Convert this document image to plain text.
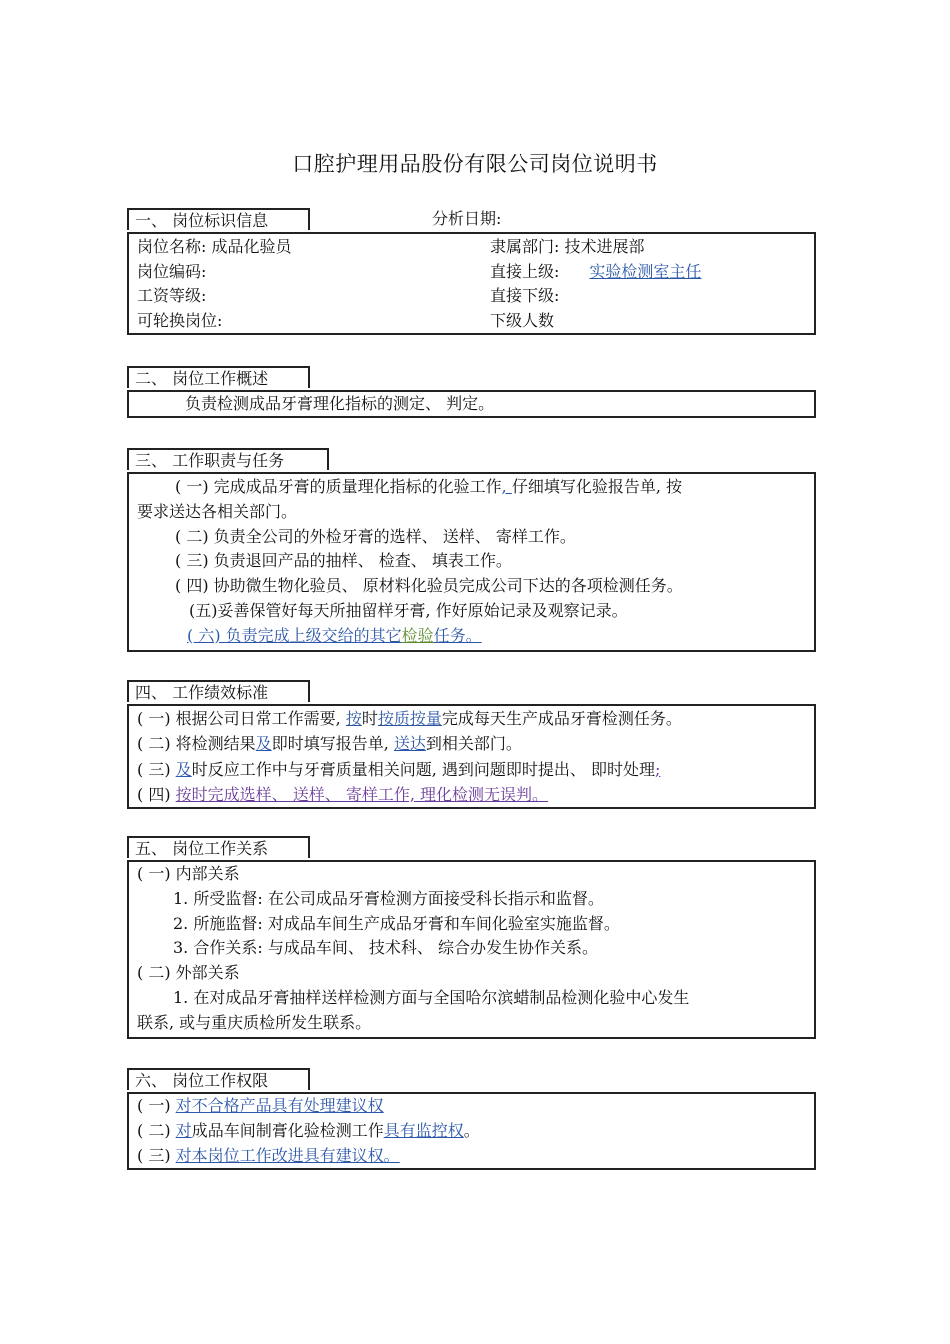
口腔护理用品股份有限公司岗位说明书
一、 岗位标识信息	分析日期:
岗位名称: 成品化验员	隶属部门: 技术进展部
岗位编码:	直接上级: 实验检测室主任
工资等级:	直接下级:
可轮换岗位:	下级人数
二、 岗位工作概述
负责检测成品牙膏理化指标的测定、 判定。
三、 工作职责与任务
( 一) 完成成品牙膏的质量理化指标的化验工作, 仔细填写化验报告单, 按
要求送达各相关部门。
( 二) 负责全公司的外检牙膏的选样、 送样、 寄样工作。
( 三) 负责退回产品的抽样、 检查、 填表工作。
( 四) 协助微生物化验员、 原材料化验员完成公司下达的各项检测任务。
(五)妥善保管好每天所抽留样牙膏, 作好原始记录及观察记录。
( 六) 负责完成上级交给的其它检验任务。
四、 工作绩效标准
( 一) 根据公司日常工作需要, 按时按质按量完成每天生产成品牙膏检测任务。
( 二) 将检测结果及即时填写报告单, 送达到相关部门。
( 三) 及时反应工作中与牙膏质量相关问题, 遇到问题即时提出、 即时处理;
( 四) 按时完成选样、 送样、 寄样工作, 理化检测无误判。
五、 岗位工作关系
( 一) 内部关系
1. 所受监督: 在公司成品牙膏检测方面接受科长指示和监督。
2. 所施监督: 对成品车间生产成品牙膏和车间化验室实施监督。
3. 合作关系: 与成品车间、 技术科、 综合办发生协作关系。
( 二) 外部关系
1. 在对成品牙膏抽样送样检测方面与全国哈尔滨蜡制品检测化验中心发生
联系, 或与重庆质检所发生联系。
六、 岗位工作权限
( 一) 对不合格产品具有处理建议权
( 二) 对成品车间制膏化验检测工作具有监控权。
( 三) 对本岗位工作改进具有建议权。
